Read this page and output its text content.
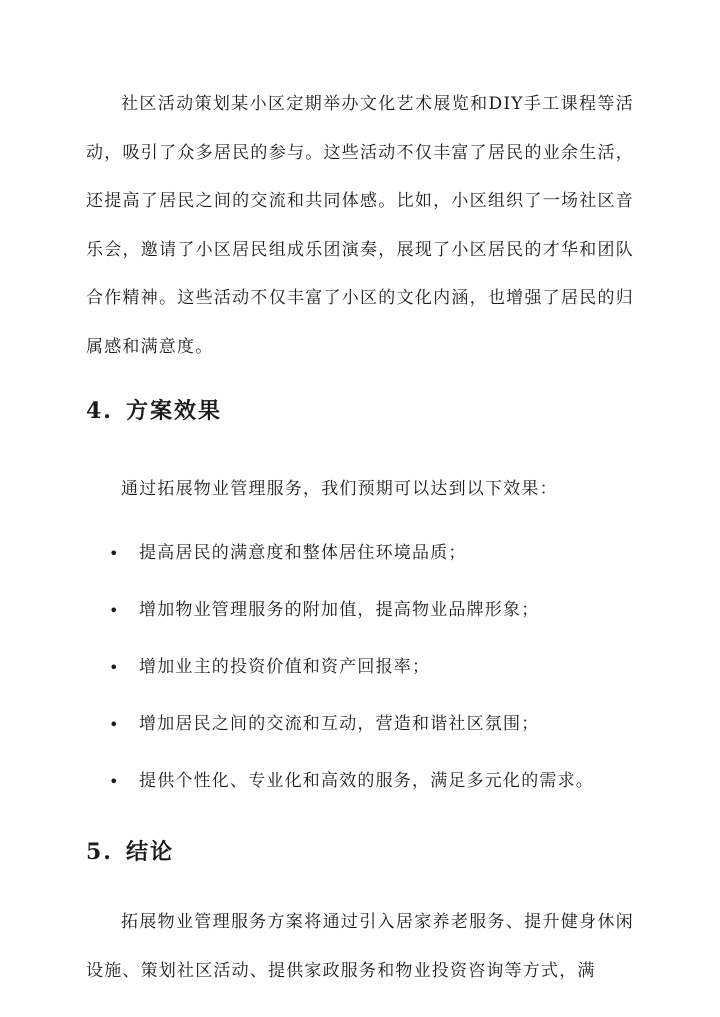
社区活动策划某小区定期举办文化艺术展览和DIY手工课程等活动，吸引了众多居民的参与。这些活动不仅丰富了居民的业余生活，还提高了居民之间的交流和共同体感。比如，小区组织了一场社区音乐会，邀请了小区居民组成乐团演奏，展现了小区居民的才华和团队合作精神。这些活动不仅丰富了小区的文化内涵，也增强了居民的归属感和满意度。

4. 方案效果

通过拓展物业管理服务，我们预期可以达到以下效果：

• 提高居民的满意度和整体居住环境品质；
• 增加物业管理服务的附加值，提高物业品牌形象；
• 增加业主的投资价值和资产回报率；
• 增加居民之间的交流和互动，营造和谐社区氛围；
• 提供个性化、专业化和高效的服务，满足多元化的需求。
5. 结论

拓展物业管理服务方案将通过引入居家养老服务、提升健身休闲设施、策划社区活动、提供家政服务和物业投资咨询等方式，满
